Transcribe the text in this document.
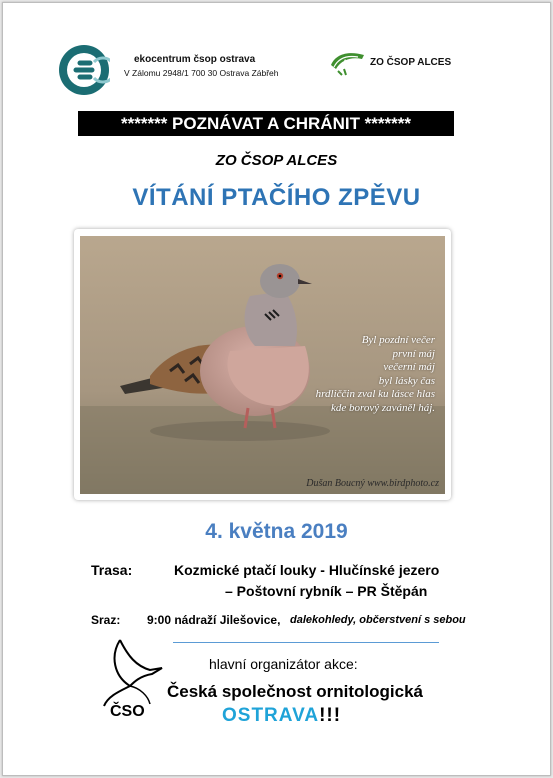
ekocentrum čsop ostrava
V Zálomu 2948/1 700 30 Ostrava Zábřeh
ALCES ZO ČSOP ALCES
******* POZNÁVAT A CHRÁNIT *******
ZO ČSOP ALCES
VÍTÁNÍ PTAČÍHO ZPĚVU
Byl pozdní večer
první máj
večerní máj
byl lásky čas
hrdliččin zval ku lásce hlas
kde borový zaváněl háj.
Dušan Boucný www.birdphoto.cz
4. května 2019
Trasa:	Kozmické ptačí louky - Hlučínské jezero
– Poštovní rybník – PR Štěpán
Sraz: 9:00 nádraží Jilešovice, dalekohledy, občerstvení s sebou
ČSO
hlavní organizátor akce:
Česká společnost ornitologická
OSTRAVA!!!
